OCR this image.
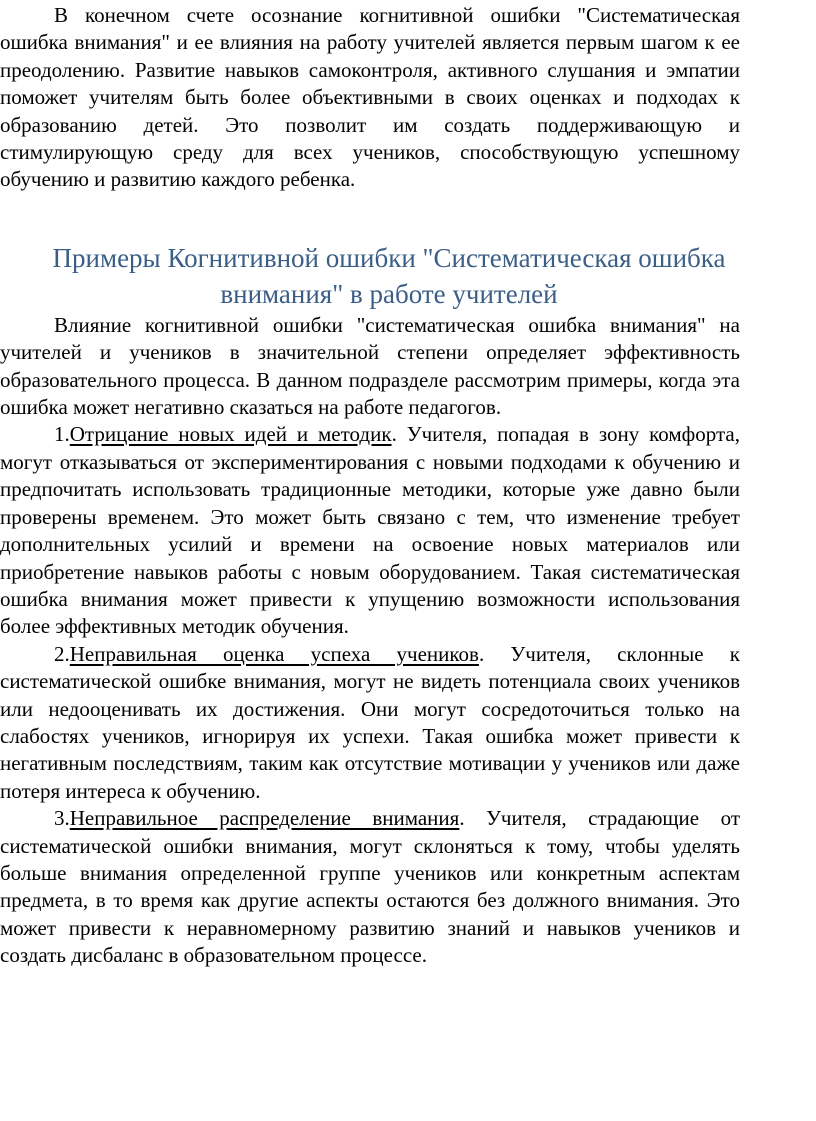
В конечном счете осознание когнитивной ошибки "Систематическая ошибка внимания" и ее влияния на работу учителей является первым шагом к ее преодолению. Развитие навыков самоконтроля, активного слушания и эмпатии поможет учителям быть более объективными в своих оценках и подходах к образованию детей. Это позволит им создать поддерживающую и стимулирующую среду для всех учеников, способствующую успешному обучению и развитию каждого ребенка.

Примеры Когнитивной ошибки "Систематическая ошибка внимания" в работе учителей

Влияние когнитивной ошибки "систематическая ошибка внимания" на учителей и учеников в значительной степени определяет эффективность образовательного процесса. В данном подразделе рассмотрим примеры, когда эта ошибка может негативно сказаться на работе педагогов.

1.Отрицание новых идей и методик. Учителя, попадая в зону комфорта, могут отказываться от экспериментирования с новыми подходами к обучению и предпочитать использовать традиционные методики, которые уже давно были проверены временем. Это может быть связано с тем, что изменение требует дополнительных усилий и времени на освоение новых материалов или приобретение навыков работы с новым оборудованием. Такая систематическая ошибка внимания может привести к упущению возможности использования более эффективных методик обучения.

2.Неправильная оценка успеха учеников. Учителя, склонные к систематической ошибке внимания, могут не видеть потенциала своих учеников или недооценивать их достижения. Они могут сосредоточиться только на слабостях учеников, игнорируя их успехи. Такая ошибка может привести к негативным последствиям, таким как отсутствие мотивации у учеников или даже потеря интереса к обучению.

3.Неправильное распределение внимания. Учителя, страдающие от систематической ошибки внимания, могут склоняться к тому, чтобы уделять больше внимания определенной группе учеников или конкретным аспектам предмета, в то время как другие аспекты остаются без должного внимания. Это может привести к неравномерному развитию знаний и навыков учеников и создать дисбаланс в образовательном процессе.
